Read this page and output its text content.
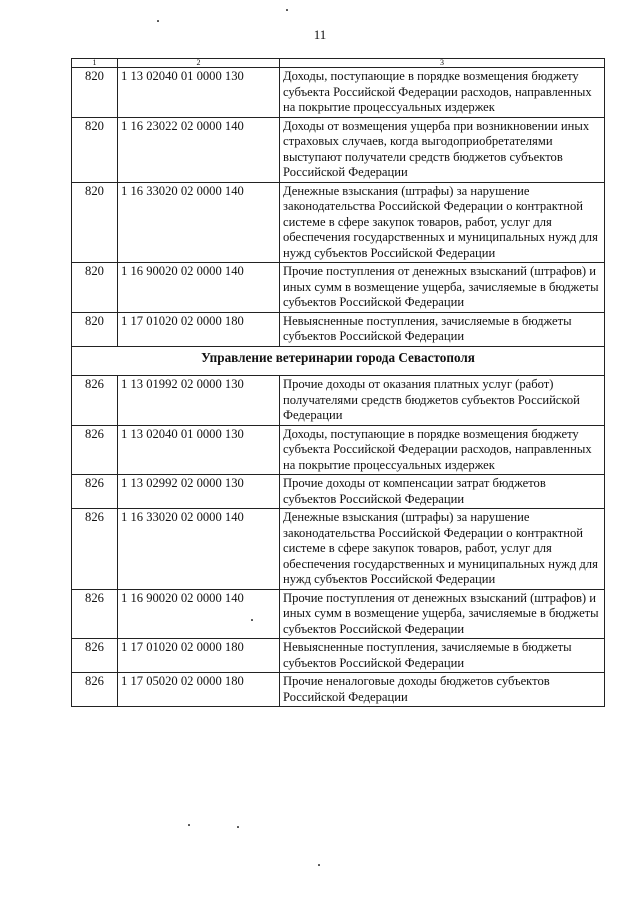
11
1	2	3
820	1 13 02040 01 0000 130	Доходы, поступающие в порядке возмещения бюджету субъекта Российской Федерации расходов, направленных на покрытие процессуальных издержек
820	1 16 23022 02 0000 140	Доходы от возмещения ущерба при возникновении иных страховых случаев, когда выгодоприобретателями выступают получатели средств бюджетов субъектов Российской Федерации
820	1 16 33020 02 0000 140	Денежные взыскания (штрафы) за нарушение законодательства Российской Федерации о контрактной системе в сфере закупок товаров, работ, услуг для обеспечения государственных и муниципальных нужд для нужд субъектов Российской Федерации
820	1 16 90020 02 0000 140	Прочие поступления от денежных взысканий (штрафов) и иных сумм в возмещение ущерба, зачисляемые в бюджеты субъектов Российской Федерации
820	1 17 01020 02 0000 180	Невыясненные поступления, зачисляемые в бюджеты субъектов Российской Федерации
Управление ветеринарии города Севастополя		
826	1 13 01992 02 0000 130	Прочие доходы от оказания платных услуг (работ) получателями средств бюджетов субъектов Российской Федерации
826	1 13 02040 01 0000 130	Доходы, поступающие в порядке возмещения бюджету субъекта Российской Федерации расходов, направленных на покрытие процессуальных издержек
826	1 13 02992 02 0000 130	Прочие доходы от компенсации затрат бюджетов субъектов Российской Федерации
826	1 16 33020 02 0000 140	Денежные взыскания (штрафы) за нарушение законодательства Российской Федерации о контрактной системе в сфере закупок товаров, работ, услуг для обеспечения государственных и муниципальных нужд для нужд субъектов Российской Федерации
826	1 16 90020 02 0000 140	Прочие поступления от денежных взысканий (штрафов) и иных сумм в возмещение ущерба, зачисляемые в бюджеты субъектов Российской Федерации
826	1 17 01020 02 0000 180	Невыясненные поступления, зачисляемые в бюджеты субъектов Российской Федерации
826	1 17 05020 02 0000 180	Прочие неналоговые доходы бюджетов субъектов Российской Федерации
